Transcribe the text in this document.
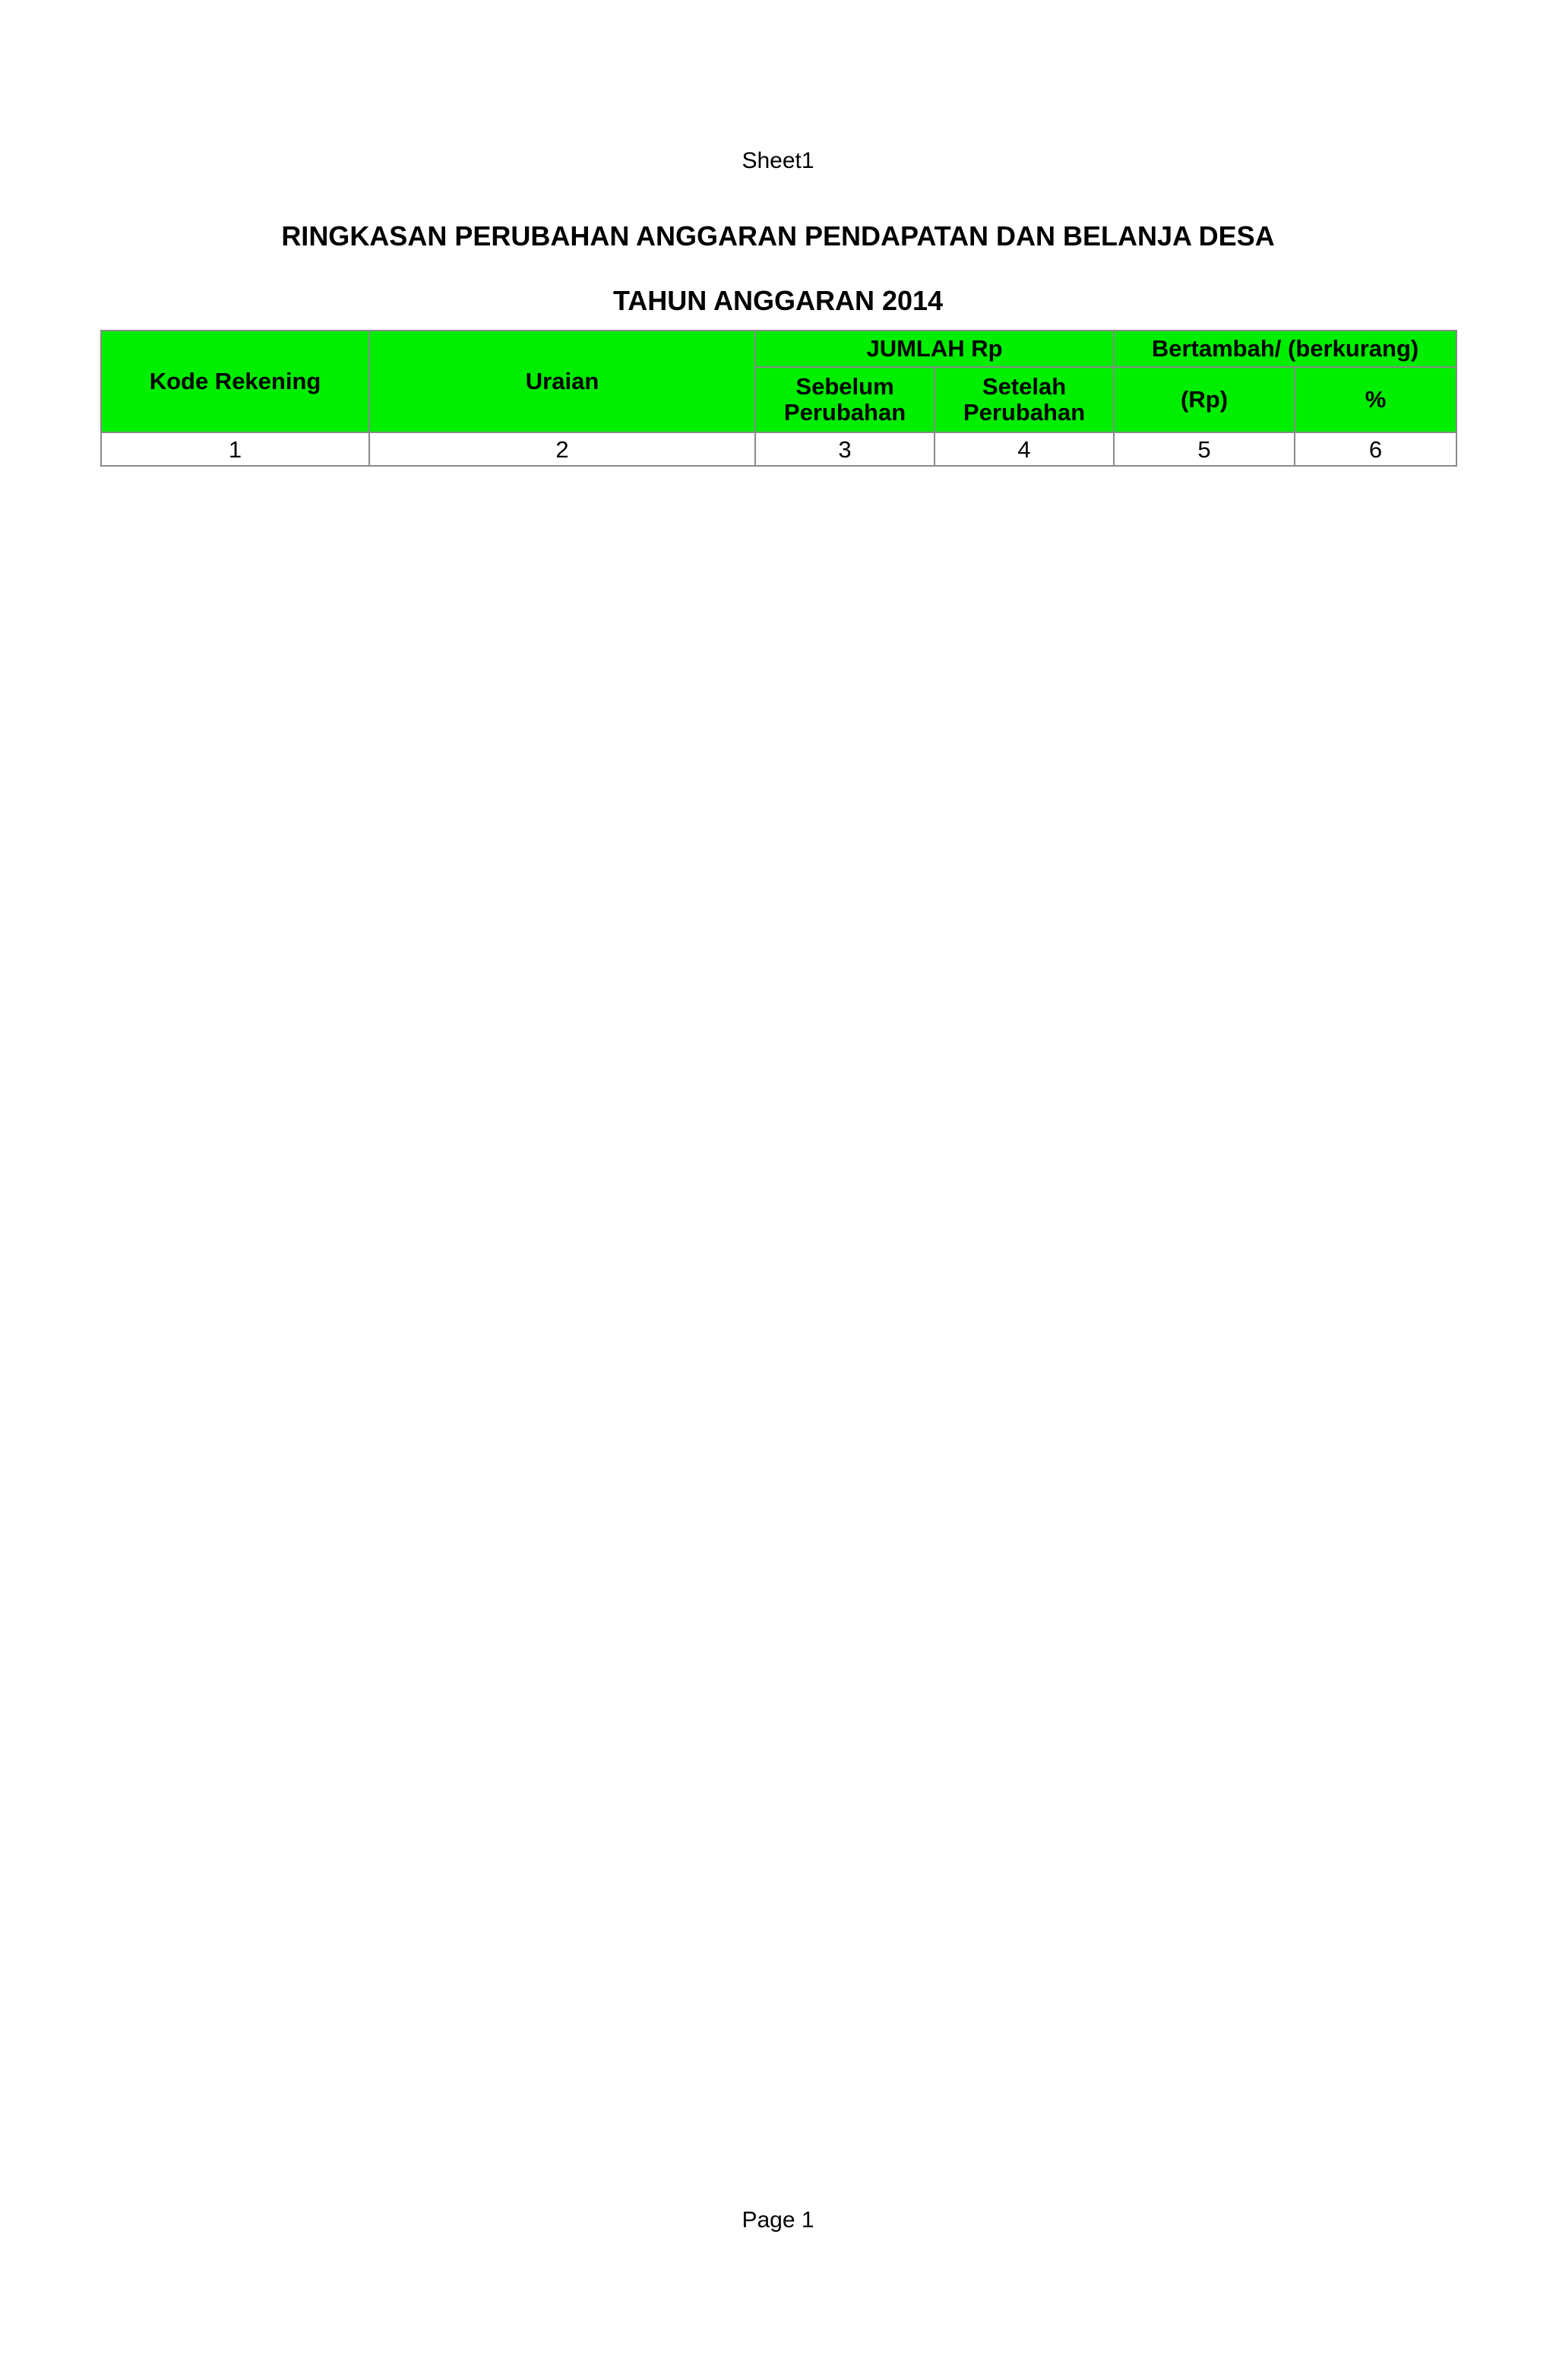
Sheet1
RINGKASAN PERUBAHAN ANGGARAN PENDAPATAN DAN BELANJA DESA
TAHUN ANGGARAN 2014
Kode Rekening	Uraian	JUMLAH Rp		Bertambah/ (berkurang)	
		Sebelum Perubahan	Setelah Perubahan	(Rp)	%
1	2	3	4	5	6
Page 1
